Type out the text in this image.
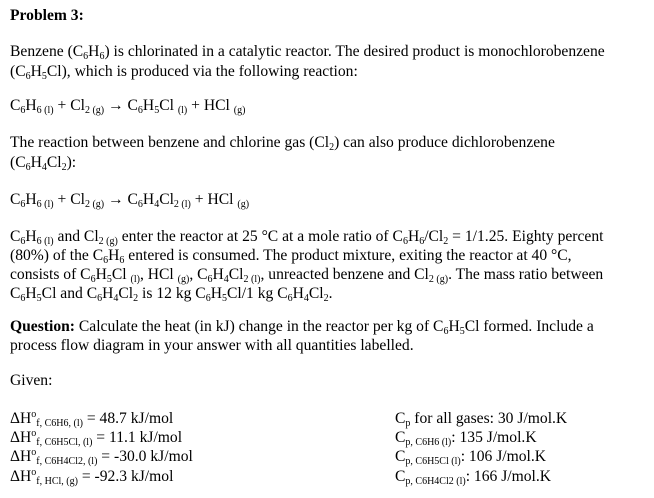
Problem 3:
Benzene $(C_6H_6)$ is chlorinated in a catalytic reactor. The desired product is monochlorobenzene
$(C_6H_5Cl)$, which is produced via the following reaction:
$C_6H_{6 (l)} + Cl_{2 (g)} \to C_6H_5Cl$ $_{(l)}$ + HCl $_{(g)}$
The reaction between benzene and chlorine gas $(Cl_2)$ can also produce dichlorobenzene
$(C_6H_4Cl_2)$:
$C_6H_{6 (l)} + Cl_{2 (g)} \to C_6H_4Cl_{2 (l)}$ + HCl $_{(g)}$
$C_6H_{6 (l)}$ and $Cl_{2 (g)}$ enter the reactor at 25 °C at a mole ratio of $C_6H_6/Cl_2 = 1/1.25$. Eighty percent
(80%) of the $C_6H_6$ entered is consumed. The product mixture, exiting the reactor at 40 °C,
consists of $C_6H_5Cl$ $_{(l)}$, HCl $_{(g)}$, $C_6H_4Cl_{2 (l)}$, unreacted benzene and $Cl_{2 (g)}$. The mass ratio between
$C_6H_5Cl$ and $C_6H_4Cl_2$ is 12 kg $C_6H_5Cl/1$ kg $C_6H_4Cl_2$.
Question: Calculate the heat (in kJ) change in the reactor per kg of $C_6H_5Cl$ formed. Include a
process flow diagram in your answer with all quantities labelled.
Given:
$\Delta H^o_{f, C6H6, (l)} = 48.7$ kJ/mol
$\Delta H^o_{f, C6H5Cl, (l)} = 11.1$ kJ/mol
$\Delta H^o_{f, C6H4Cl2, (l)} = -30.0$ kJ/mol
$\Delta H^o_{f, HCl, (g)} = -92.3$ kJ/mol
$C_p$ for all gases: 30 J/mol.K
$C_{p, C6H6 (l)}$: 135 J/mol.K
$C_{p, C6H5Cl (l)}$: 106 J/mol.K
$C_{p, C6H4Cl2 (l)}$: 166 J/mol.K
